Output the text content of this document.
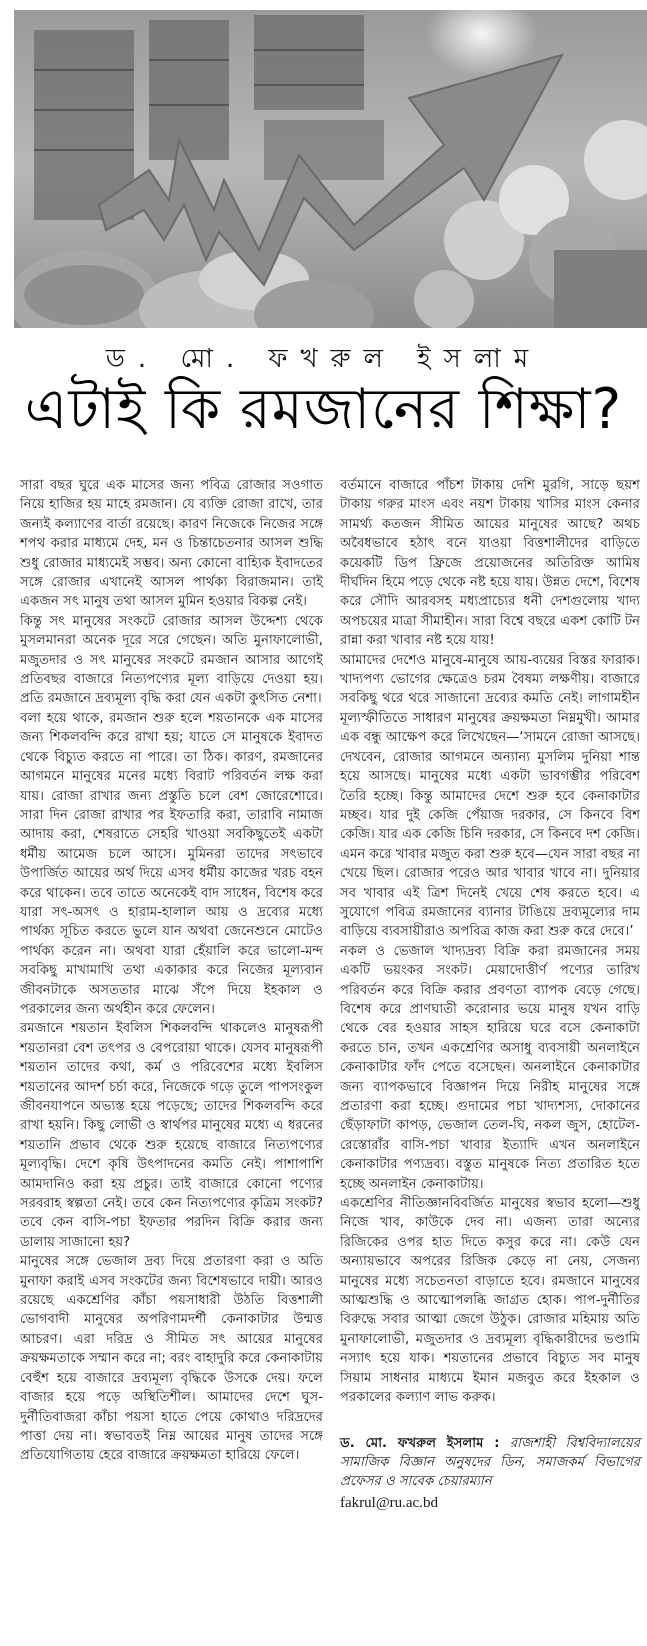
ড. মো. ফখরুল ইসলাম
এটাই কি রমজানের শিক্ষা?

সারা বছর ঘুরে এক মাসের জন্য পবিত্র রোজার সওগাত নিয়ে হাজির হয় মাহে রমজান। যে ব্যক্তি রোজা রাখে, তার জন্যই কল্যাণের বার্তা রয়েছে। কারণ নিজেকে নিজের সঙ্গে শপথ করার মাধ্যমে দেহ, মন ও চিন্তাচেতনার আসল শুদ্ধি শুধু রোজার মাধ্যমেই সম্ভব। অন্য কোনো বাহ্যিক ইবাদতের সঙ্গে রোজার এখানেই আসল পার্থক্য বিরাজমান। তাই একজন সৎ মানুষ তথা আসল মুমিন হওয়ার বিকল্প নেই।

কিন্তু সৎ মানুষের সংকটে রোজার আসল উদ্দেশ্য থেকে মুসলমানরা অনেক দূরে সরে গেছেন। অতি মুনাফালোভী, মজুতদার ও সৎ মানুষের সংকটে রমজান আসার আগেই প্রতিবছর বাজারে নিত্যপণ্যের মূল্য বাড়িয়ে দেওয়া হয়। প্রতি রমজানে দ্রব্যমূল্য বৃদ্ধি করা যেন একটা কুৎসিত নেশা।

বলা হয়ে থাকে, রমজান শুরু হলে শয়তানকে এক মাসের জন্য শিকলবন্দি করে রাখা হয়; যাতে সে মানুষকে ইবাদত থেকে বিচ্যুত করতে না পারে। তা ঠিক। কারণ, রমজানের আগমনে মানুষের মনের মধ্যে বিরাট পরিবর্তন লক্ষ করা যায়। রোজা রাখার জন্য প্রস্তুতি চলে বেশ জোরেশোরে। সারা দিন রোজা রাখার পর ইফতারি করা, তারাবি নামাজ আদায় করা, শেষরাতে সেহরি খাওয়া সবকিছুতেই একটা ধর্মীয় আমেজ চলে আসে। মুমিনরা তাদের সৎভাবে উপার্জিত আয়ের অর্থ দিয়ে এসব ধর্মীয় কাজের খরচ বহন করে থাকেন। তবে তাতে অনেকেই বাদ সাধেন, বিশেষ করে যারা সৎ-অসৎ ও হারাম-হালাল আয় ও দ্রব্যের মধ্যে পার্থক্য সূচিত করতে ভুলে যান অথবা জেনেশুনে মোটেও পার্থক্য করেন না। অথবা যারা হেঁয়ালি করে ভালো-মন্দ সবকিছু মাখামাখি তথা একাকার করে নিজের মূল্যবান জীবনটাকে অসততার মাঝে সঁপে দিয়ে ইহকাল ও পরকালের জন্য অর্থহীন করে ফেলেন।

রমজানে শয়তান ইবলিস শিকলবন্দি থাকলেও মানুষরূপী শয়তানরা বেশ তৎপর ও বেপরোয়া থাকে। যেসব মানুষরূপী শয়তান তাদের কথা, কর্ম ও পরিবেশের মধ্যে ইবলিস শয়তানের আদর্শ চর্চা করে, নিজেকে গড়ে তুলে পাপসংকুল জীবনযাপনে অভ্যস্ত হয়ে পড়েছে; তাদের শিকলবন্দি করে রাখা হয়নি। কিছু লোভী ও স্বার্থপর মানুষের মধ্যে এ ধরনের শয়তানি প্রভাব থেকে শুরু হয়েছে বাজারে নিত্যপণ্যের মূল্যবৃদ্ধি। দেশে কৃষি উৎপাদনের কমতি নেই। পাশাপাশি আমদানিও করা হয় প্রচুর। তাই বাজারে কোনো পণ্যের সরবরাহ স্বল্পতা নেই। তবে কেন নিত্যপণ্যের কৃত্রিম সংকট? তবে কেন বাসি-পচা ইফতার পরদিন বিক্রি করার জন্য ডালায় সাজানো হয়?

মানুষের সঙ্গে ভেজাল দ্রব্য দিয়ে প্রতারণা করা ও অতি মুনাফা করাই এসব সংকটের জন্য বিশেষভাবে দায়ী। আরও রয়েছে একশ্রেণির কাঁচা পয়সাধারী উঠতি বিত্তশালী ভোগবাদী মানুষের অপরিণামদর্শী কেনাকাটার উন্মত্ত আচরণ। এরা দরিদ্র ও সীমিত সৎ আয়ের মানুষের ক্রয়ক্ষমতাকে সম্মান করে না; বরং বাহাদুরি করে কেনাকাটায় বেহুঁশ হয়ে বাজারে দ্রব্যমূল্য বৃদ্ধিকে উসকে দেয়। ফলে বাজার হয়ে পড়ে অস্থিতিশীল। আমাদের দেশে ঘুস-দুর্নীতিবাজরা কাঁচা পয়সা হাতে পেয়ে কোথাও দরিদ্রদের পাত্তা দেয় না। স্বভাবতই নিম্ন আয়ের মানুষ তাদের সঙ্গে প্রতিযোগিতায় হেরে বাজারে ক্রয়ক্ষমতা হারিয়ে ফেলে।

বর্তমানে বাজারে পাঁচশ টাকায় দেশি মুরগি, সাড়ে ছয়শ টাকায় গরুর মাংস এবং নয়শ টাকায় খাসির মাংস কেনার সামর্থ্য কতজন সীমিত আয়ের মানুষের আছে? অথচ অবৈধভাবে হঠাৎ বনে যাওয়া বিত্তশালীদের বাড়িতে কয়েকটি ডিপ ফ্রিজে প্রয়োজনের অতিরিক্ত আমিষ দীর্ঘদিন হিমে পড়ে থেকে নষ্ট হয়ে যায়। উন্নত দেশে, বিশেষ করে সৌদি আরবসহ মধ্যপ্রাচ্যের ধনী দেশগুলোয় খাদ্য অপচয়ের মাত্রা সীমাহীন। সারা বিশ্বে বছরে একশ কোটি টন রান্না করা খাবার নষ্ট হয়ে যায়!

আমাদের দেশেও মানুষে-মানুষে আয়-ব্যয়ের বিস্তর ফারাক। খাদ্যপণ্য ভোগের ক্ষেত্রেও চরম বৈষম্য লক্ষণীয়। বাজারে সবকিছু থরে থরে সাজানো দ্রব্যের কমতি নেই। লাগামহীন মূল্যস্ফীতিতে সাধারণ মানুষের ক্রয়ক্ষমতা নিম্নমুখী। আমার এক বন্ধু আক্ষেপ করে লিখেছেন—‘সামনে রোজা আসছে। দেখবেন, রোজার আগমনে অন্যান্য মুসলিম দুনিয়া শান্ত হয়ে আসছে। মানুষের মধ্যে একটা ভাবগম্ভীর পরিবেশ তৈরি হচ্ছে। কিন্তু আমাদের দেশে শুরু হবে কেনাকাটার মচ্ছব। যার দুই কেজি পেঁয়াজ দরকার, সে কিনবে বিশ কেজি। যার এক কেজি চিনি দরকার, সে কিনবে দশ কেজি। এমন করে খাবার মজুত করা শুরু হবে—যেন সারা বছর না খেয়ে ছিল। রোজার পরেও আর খাবার খাবে না। দুনিয়ার সব খাবার এই ত্রিশ দিনেই খেয়ে শেষ করতে হবে। এ সুযোগে পবিত্র রমজানের ব্যানার টাঙিয়ে দ্রব্যমূল্যের দাম বাড়িয়ে ব্যবসায়ীরাও অপবিত্র কাজ করা শুরু করে দেবে।’

নকল ও ভেজাল খাদ্যদ্রব্য বিক্রি করা রমজানের সময় একটি ভয়ংকর সংকট। মেয়াদোত্তীর্ণ পণ্যের তারিখ পরিবর্তন করে বিক্রি করার প্রবণতা ব্যাপক বেড়ে গেছে। বিশেষ করে প্রাণঘাতী করোনার ভয়ে মানুষ যখন বাড়ি থেকে বের হওয়ার সাহস হারিয়ে ঘরে বসে কেনাকাটা করতে চান, তখন একশ্রেণির অসাধু ব্যবসায়ী অনলাইনে কেনাকাটার ফাঁদ পেতে বসেছেন। অনলাইনে কেনাকাটার জন্য ব্যাপকভাবে বিজ্ঞাপন দিয়ে নিরীহ মানুষের সঙ্গে প্রতারণা করা হচ্ছে। গুদামের পচা খাদ্যশস্য, দোকানের ছেঁড়াফাটা কাপড়, ভেজাল তেল-ঘি, নকল জুস, হোটেল-রেস্তোরাঁর বাসি-পচা খাবার ইত্যাদি এখন অনলাইনে কেনাকাটার পণ্যদ্রব্য। বস্তুত মানুষকে নিত্য প্রতারিত হতে হচ্ছে অনলাইন কেনাকাটায়।

একশ্রেণির নীতিজ্ঞানবিবর্জিত মানুষের স্বভাব হলো—শুধু নিজে খাব, কাউকে দেব না। এজন্য তারা অন্যের রিজিকের ওপর হাত দিতে কসুর করে না। কেউ যেন অন্যায়ভাবে অপরের রিজিক কেড়ে না নেয়, সেজন্য মানুষের মধ্যে সচেতনতা বাড়াতে হবে। রমজানে মানুষের আত্মশুদ্ধি ও আত্মোপলব্ধি জাগ্রত হোক। পাপ-দুর্নীতির বিরুদ্ধে সবার আত্মা জেগে উঠুক। রোজার মহিমায় অতি মুনাফালোভী, মজুতদার ও দ্রব্যমূল্য বৃদ্ধিকারীদের ভণ্ডামি নস্যাৎ হয়ে যাক। শয়তানের প্রভাবে বিচ্যুত সব মানুষ সিয়াম সাধনার মাধ্যমে ইমান মজবুত করে ইহকাল ও পরকালের কল্যাণ লাভ করুক।

ড. মো. ফখরুল ইসলাম : রাজশাহী বিশ্ববিদ্যালয়ের সামাজিক বিজ্ঞান অনুষদের ডিন, সমাজকর্ম বিভাগের প্রফেসর ও সাবেক চেয়ারম্যান
fakrul@ru.ac.bd
